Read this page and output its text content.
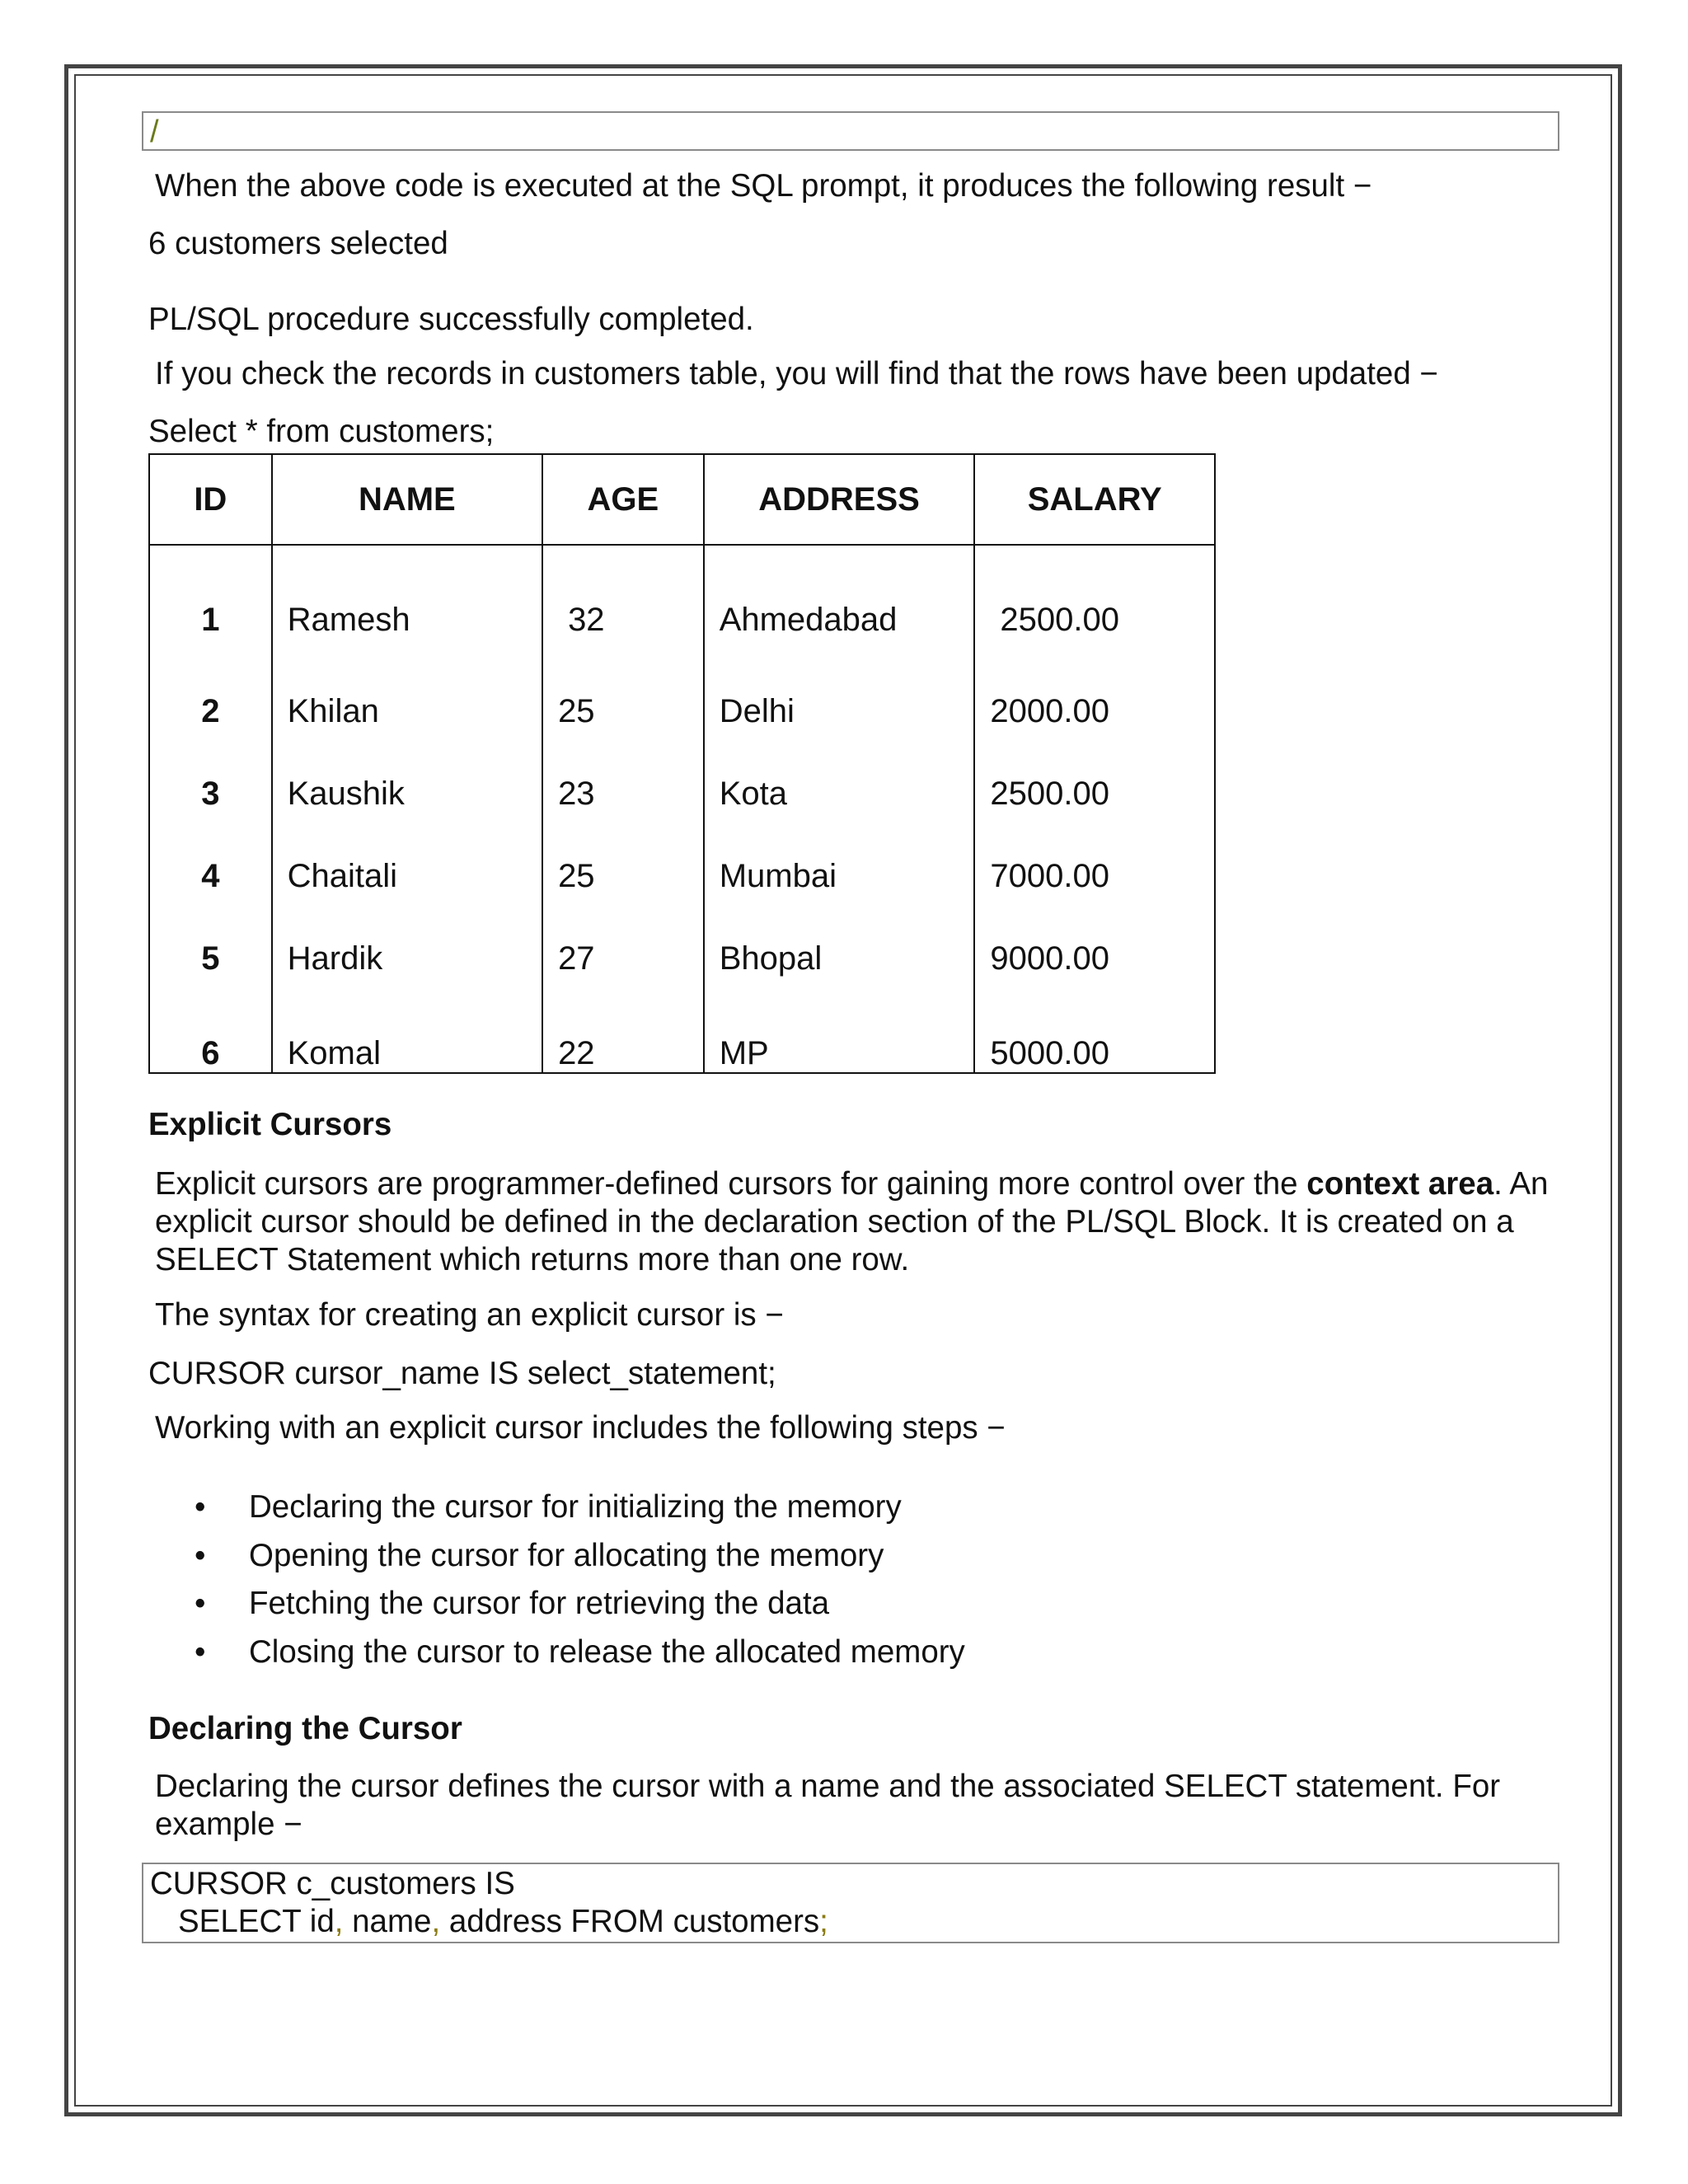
/

When the above code is executed at the SQL prompt, it produces the following result −

6 customers selected

PL/SQL procedure successfully completed.

If you check the records in customers table, you will find that the rows have been updated −

Select * from customers;

ID	NAME	AGE	ADDRESS	SALARY
1	Ramesh	32	Ahmedabad	2500.00
2	Khilan	25	Delhi	2000.00
3	Kaushik	23	Kota	2500.00
4	Chaitali	25	Mumbai	7000.00
5	Hardik	27	Bhopal	9000.00
6	Komal	22	MP	5000.00

Explicit Cursors

Explicit cursors are programmer-defined cursors for gaining more control over the context area. An explicit cursor should be defined in the declaration section of the PL/SQL Block. It is created on a SELECT Statement which returns more than one row.

The syntax for creating an explicit cursor is −

CURSOR cursor_name IS select_statement;

Working with an explicit cursor includes the following steps −

• Declaring the cursor for initializing the memory
• Opening the cursor for allocating the memory
• Fetching the cursor for retrieving the data
• Closing the cursor to release the allocated memory

Declaring the Cursor

Declaring the cursor defines the cursor with a name and the associated SELECT statement. For example −

CURSOR c_customers IS
SELECT id, name, address FROM customers;
